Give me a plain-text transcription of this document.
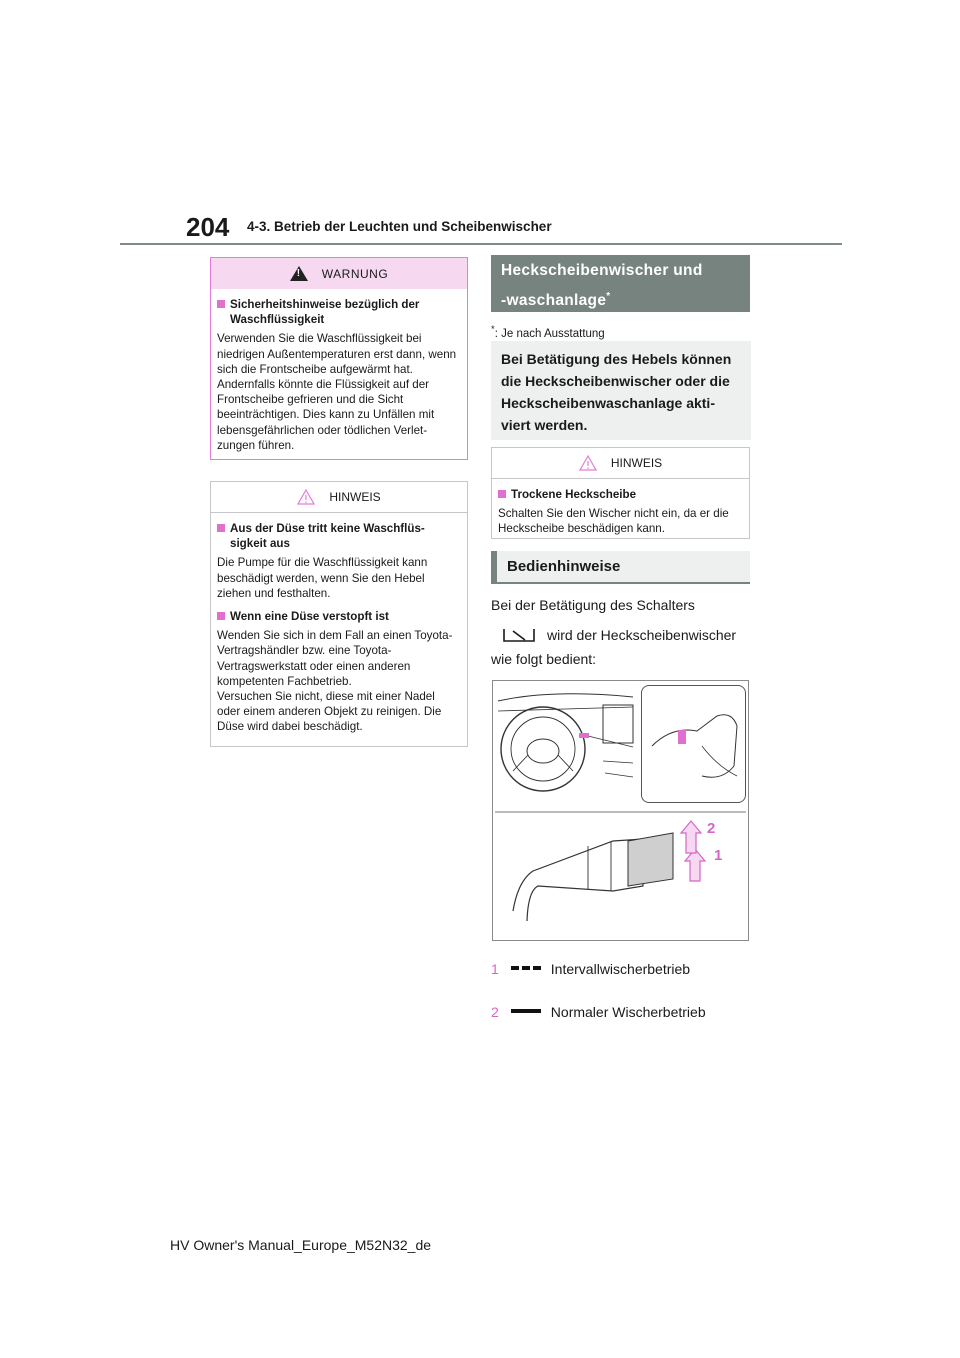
204 4-3. Betrieb der Leuchten und Scheibenwischer
!
WARNUNG
Sicherheitshinweise bezüglich der Waschflüssigkeit
Verwenden Sie die Waschflüssigkeit bei niedrigen Außentemperaturen erst dann, wenn sich die Frontscheibe aufgewärmt hat. Andernfalls könnte die Flüssigkeit auf der Frontscheibe gefrieren und die Sicht beeinträchtigen. Dies kann zu Unfällen mit lebensgefährlichen oder tödlichen Verlet-zungen führen.
HINWEIS
Aus der Düse tritt keine Waschflüs-sigkeit aus
Die Pumpe für die Waschflüssigkeit kann beschädigt werden, wenn Sie den Hebel ziehen und festhalten.
Wenn eine Düse verstopft ist
Wenden Sie sich in dem Fall an einen Toyota-Vertragshändler bzw. eine Toyota-Vertragswerkstatt oder einen anderen kompetenten Fachbetrieb.
Versuchen Sie nicht, diese mit einer Nadel oder einem anderen Objekt zu reinigen. Die Düse wird dabei beschädigt.
Heckscheibenwischer und
-waschanlage*
*: Je nach Ausstattung
Bei Betätigung des Hebels können die Heckscheibenwischer oder die Heckscheibenwaschanlage akti-viert werden.
HINWEIS
Trockene Heckscheibe
Schalten Sie den Wischer nicht ein, da er die Heckscheibe beschädigen kann.
Bedienhinweise
Bei der Betätigung des Schalters
wird der Heckscheibenwischer
wie folgt bedient:
2
1
1	Intervallwischerbetrieb
2	Normaler Wischerbetrieb
HV Owner's Manual_Europe_M52N32_de
